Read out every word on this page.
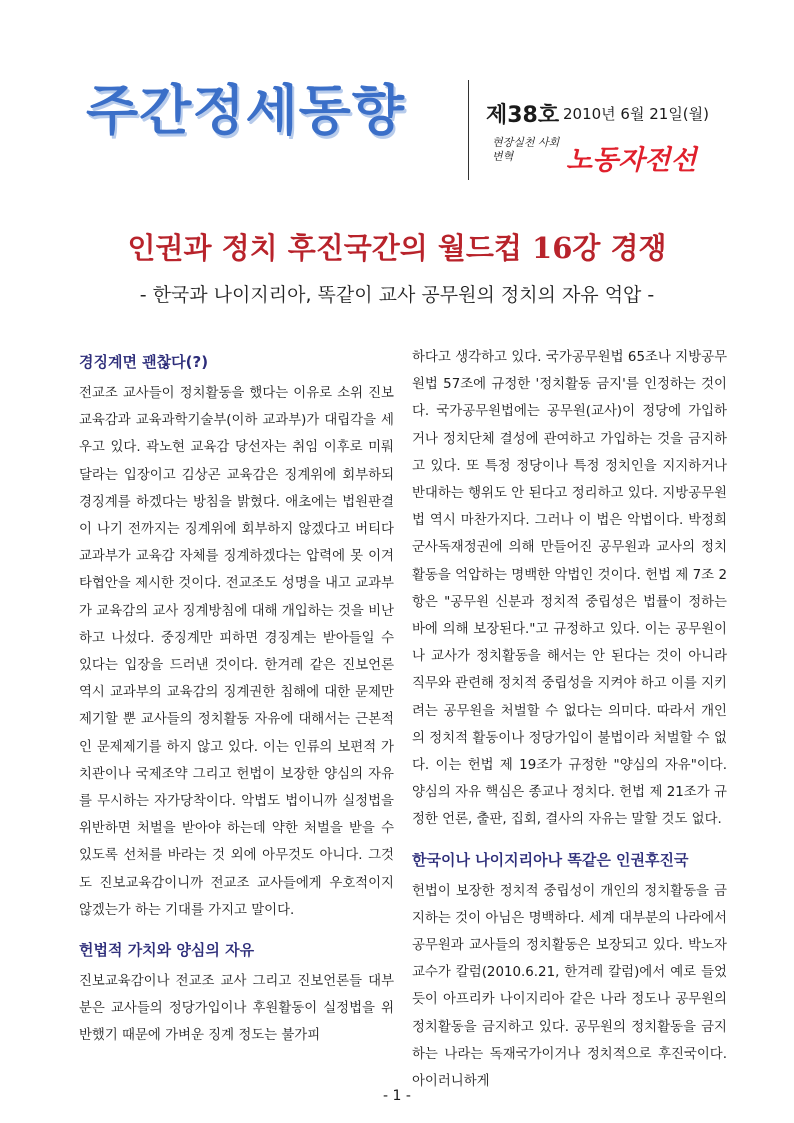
주간정세동향	제38호 2010년 6월 21일(월)
현장실천 사회변혁	노동자전선
인권과 정치 후진국간의 월드컵 16강 경쟁
- 한국과 나이지리아, 똑같이 교사 공무원의 정치의 자유 억압 -
경징계면 괜찮다(?)

전교조 교사들이 정치활동을 했다는 이유로 소위 진보교육감과 교육과학기술부(이하 교과부)가 대립각을 세우고 있다. 곽노현 교육감 당선자는 취임 이후로 미뤄달라는 입장이고 김상곤 교육감은 징계위에 회부하되 경징계를 하겠다는 방침을 밝혔다. 애초에는 법원판결이 나기 전까지는 징계위에 회부하지 않겠다고 버티다 교과부가 교육감 자체를 징계하겠다는 압력에 못 이겨 타협안을 제시한 것이다. 전교조도 성명을 내고 교과부가 교육감의 교사 징계방침에 대해 개입하는 것을 비난하고 나섰다. 중징계만 피하면 경징계는 받아들일 수 있다는 입장을 드러낸 것이다. 한겨레 같은 진보언론 역시 교과부의 교육감의 징계권한 침해에 대한 문제만 제기할 뿐 교사들의 정치활동 자유에 대해서는 근본적인 문제제기를 하지 않고 있다. 이는 인류의 보편적 가치관이나 국제조약 그리고 헌법이 보장한 양심의 자유를 무시하는 자가당착이다. 악법도 법이니까 실정법을 위반하면 처벌을 받아야 하는데 약한 처벌을 받을 수 있도록 선처를 바라는 것 외에 아무것도 아니다. 그것도 진보교육감이니까 전교조 교사들에게 우호적이지 않겠는가 하는 기대를 가지고 말이다.

헌법적 가치와 양심의 자유

진보교육감이나 전교조 교사 그리고 진보언론들 대부분은 교사들의 정당가입이나 후원활동이 실정법을 위반했기 때문에 가벼운 징계 정도는 불가피

하다고 생각하고 있다. 국가공무원법 65조나 지방공무원법 57조에 규정한 '정치활동 금지'를 인정하는 것이다. 국가공무원법에는 공무원(교사)이 정당에 가입하거나 정치단체 결성에 관여하고 가입하는 것을 금지하고 있다. 또 특정 정당이나 특정 정치인을 지지하거나 반대하는 행위도 안 된다고 정리하고 있다. 지방공무원법 역시 마찬가지다. 그러나 이 법은 악법이다. 박정희 군사독재정권에 의해 만들어진 공무원과 교사의 정치활동을 억압하는 명백한 악법인 것이다. 헌법 제 7조 2항은 "공무원 신분과 정치적 중립성은 법률이 정하는 바에 의해 보장된다."고 규정하고 있다. 이는 공무원이나 교사가 정치활동을 해서는 안 된다는 것이 아니라 직무와 관련해 정치적 중립성을 지켜야 하고 이를 지키려는 공무원을 처벌할 수 없다는 의미다. 따라서 개인의 정치적 활동이나 정당가입이 불법이라 처벌할 수 없다. 이는 헌법 제 19조가 규정한 "양심의 자유"이다. 양심의 자유 핵심은 종교나 정치다. 헌법 제 21조가 규정한 언론, 출판, 집회, 결사의 자유는 말할 것도 없다.

한국이나 나이지리아나 똑같은 인권후진국

헌법이 보장한 정치적 중립성이 개인의 정치활동을 금지하는 것이 아님은 명백하다. 세계 대부분의 나라에서 공무원과 교사들의 정치활동은 보장되고 있다. 박노자 교수가 칼럼(2010.6.21, 한겨레 칼럼)에서 예로 들었듯이 아프리카 나이지리아 같은 나라 정도나 공무원의 정치활동을 금지하고 있다. 공무원의 정치활동을 금지하는 나라는 독재국가이거나 정치적으로 후진국이다. 아이러니하게

- 1 -
